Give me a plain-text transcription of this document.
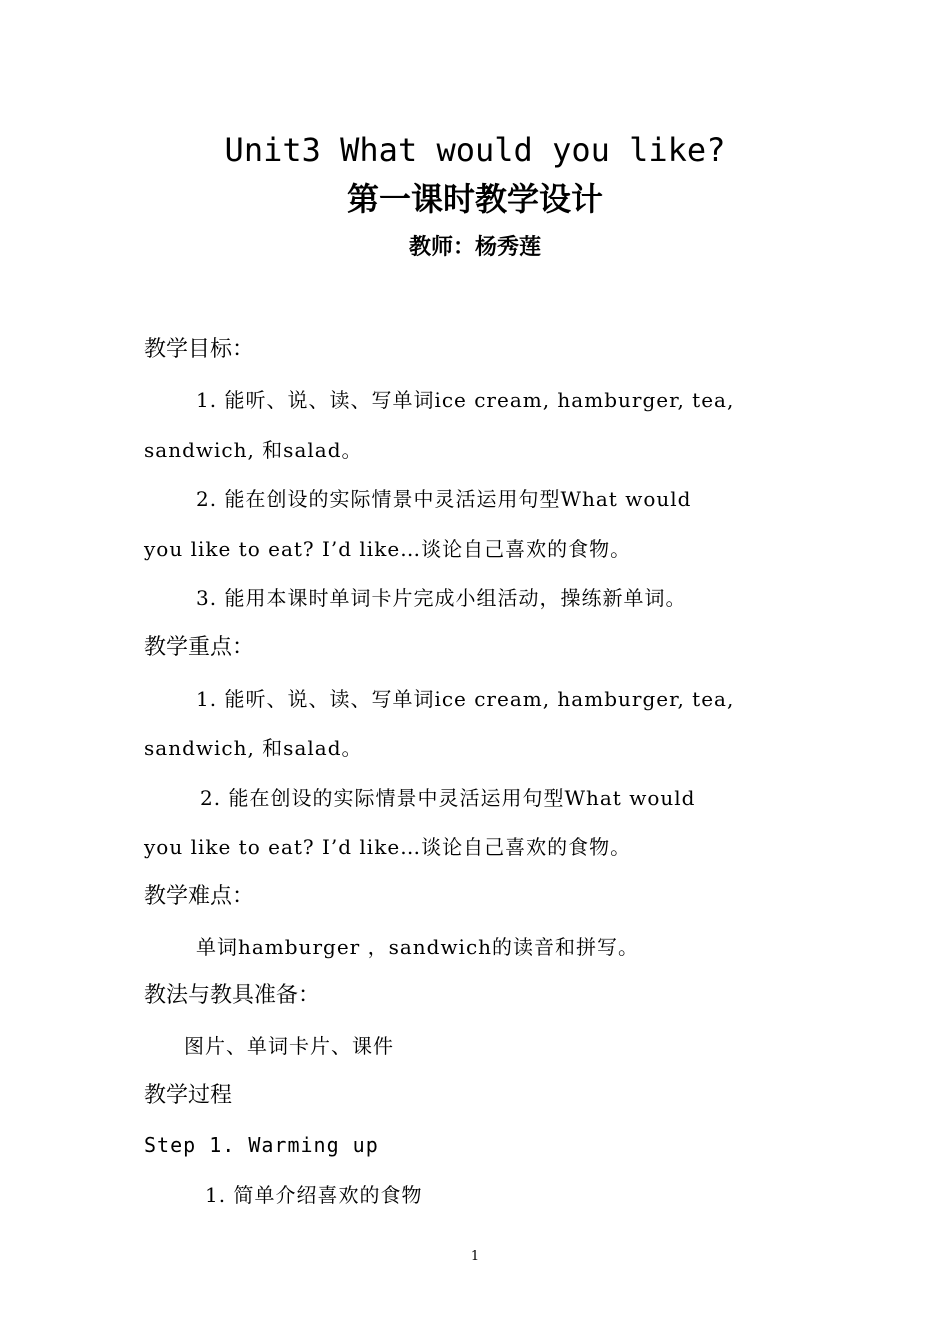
Unit3 What would you like?
第一课时教学设计
教师：杨秀莲
教学目标：
1. 能听、说、读、写单词ice cream, hamburger, tea,
sandwich, 和salad。
2. 能在创设的实际情景中灵活运用句型What would
you like to eat? I’d like…谈论自己喜欢的食物。
3. 能用本课时单词卡片完成小组活动，操练新单词。
教学重点：
1. 能听、说、读、写单词ice cream, hamburger, tea,
sandwich, 和salad。
2. 能在创设的实际情景中灵活运用句型What would
you like to eat? I’d like…谈论自己喜欢的食物。
教学难点：
单词hamburger ，sandwich的读音和拼写。
教法与教具准备：
图片、单词卡片、课件
教学过程
Step 1. Warming up
1. 简单介绍喜欢的食物
1
